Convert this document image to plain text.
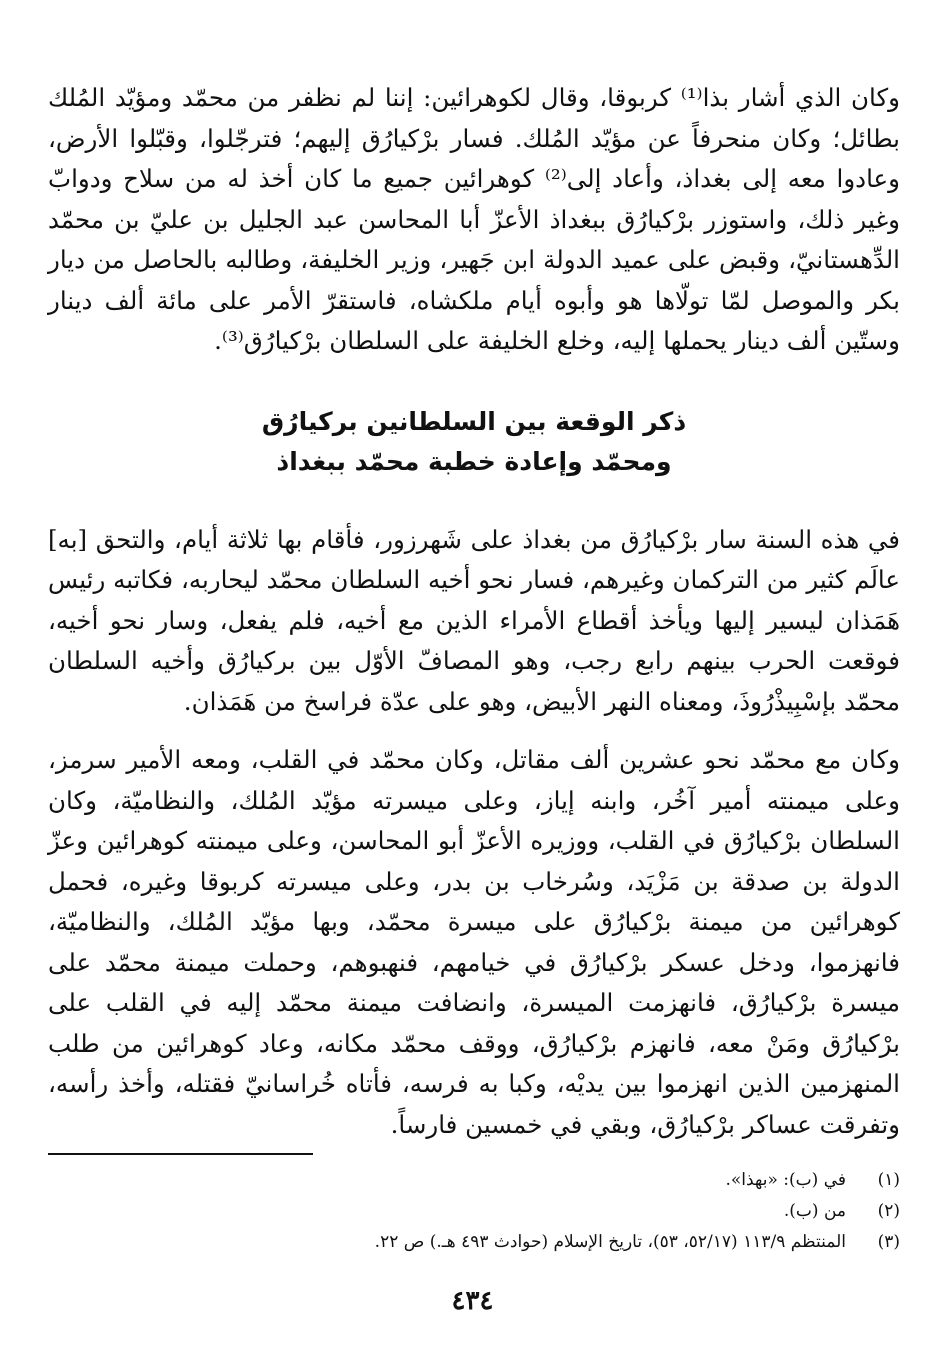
وكان الذي أشار بذا⁽¹⁾ كربوقا، وقال لكوهرائين: إننا لم نظفر من محمّد ومؤيّد المُلك بطائل؛ وكان منحرفاً عن مؤيّد المُلك. فسار برْكيارُق إليهم؛ فترجّلوا، وقبّلوا الأرض، وعادوا معه إلى بغداذ، وأعاد إلى⁽²⁾ كوهرائين جميع ما كان أخذ له من سلاح ودوابّ وغير ذلك، واستوزر برْكيارُق ببغداذ الأعزّ أبا المحاسن عبد الجليل بن عليّ بن محمّد الدِّهستانيّ، وقبض على عميد الدولة ابن جَهير، وزير الخليفة، وطالبه بالحاصل من ديار بكر والموصل لمّا تولّاها هو وأبوه أيام ملكشاه، فاستقرّ الأمر على مائة ألف دينار وستّين ألف دينار يحملها إليه، وخلع الخليفة على السلطان برْكيارُق⁽³⁾.

ذكر الوقعة بين السلطانين بركيارُق
ومحمّد وإعادة خطبة محمّد ببغداذ

في هذه السنة سار برْكيارُق من بغداذ على شَهرزور، فأقام بها ثلاثة أيام، والتحق [به] عالَم كثير من التركمان وغيرهم، فسار نحو أخيه السلطان محمّد ليحاربه، فكاتبه رئيس هَمَذان ليسير إليها ويأخذ أقطاع الأمراء الذين مع أخيه، فلم يفعل، وسار نحو أخيه، فوقعت الحرب بينهم رابع رجب، وهو المصافّ الأوّل بين بركيارُق وأخيه السلطان محمّد بإسْبِيذْرُوذَ، ومعناه النهر الأبيض، وهو على عدّة فراسخ من هَمَذان.

وكان مع محمّد نحو عشرين ألف مقاتل، وكان محمّد في القلب، ومعه الأمير سرمز، وعلى ميمنته أمير آخُر، وابنه إياز، وعلى ميسرته مؤيّد المُلك، والنظاميّة، وكان السلطان برْكيارُق في القلب، ووزيره الأعزّ أبو المحاسن، وعلى ميمنته كوهرائين وعزّ الدولة بن صدقة بن مَزْيَد، وسُرخاب بن بدر، وعلى ميسرته كربوقا وغيره، فحمل كوهرائين من ميمنة برْكيارُق على ميسرة محمّد، وبها مؤيّد المُلك، والنظاميّة، فانهزموا، ودخل عسكر برْكيارُق في خيامهم، فنهبوهم، وحملت ميمنة محمّد على ميسرة برْكيارُق، فانهزمت الميسرة، وانضافت ميمنة محمّد إليه في القلب على برْكيارُق ومَنْ معه، فانهزم برْكيارُق، ووقف محمّد مكانه، وعاد كوهرائين من طلب المنهزمين الذين انهزموا بين يديْه، وكبا به فرسه، فأتاه خُراسانيّ فقتله، وأخذ رأسه، وتفرقت عساكر برْكيارُق، وبقي في خمسين فارساً.

(١)
في (ب): «بهذا».
(٢)
من (ب).
(٣)
المنتظم ١١٣/٩ (٥٢/١٧، ٥٣)، تاريخ الإسلام (حوادث ٤٩٣ هـ.) ص ٢٢.
٤٣٤
